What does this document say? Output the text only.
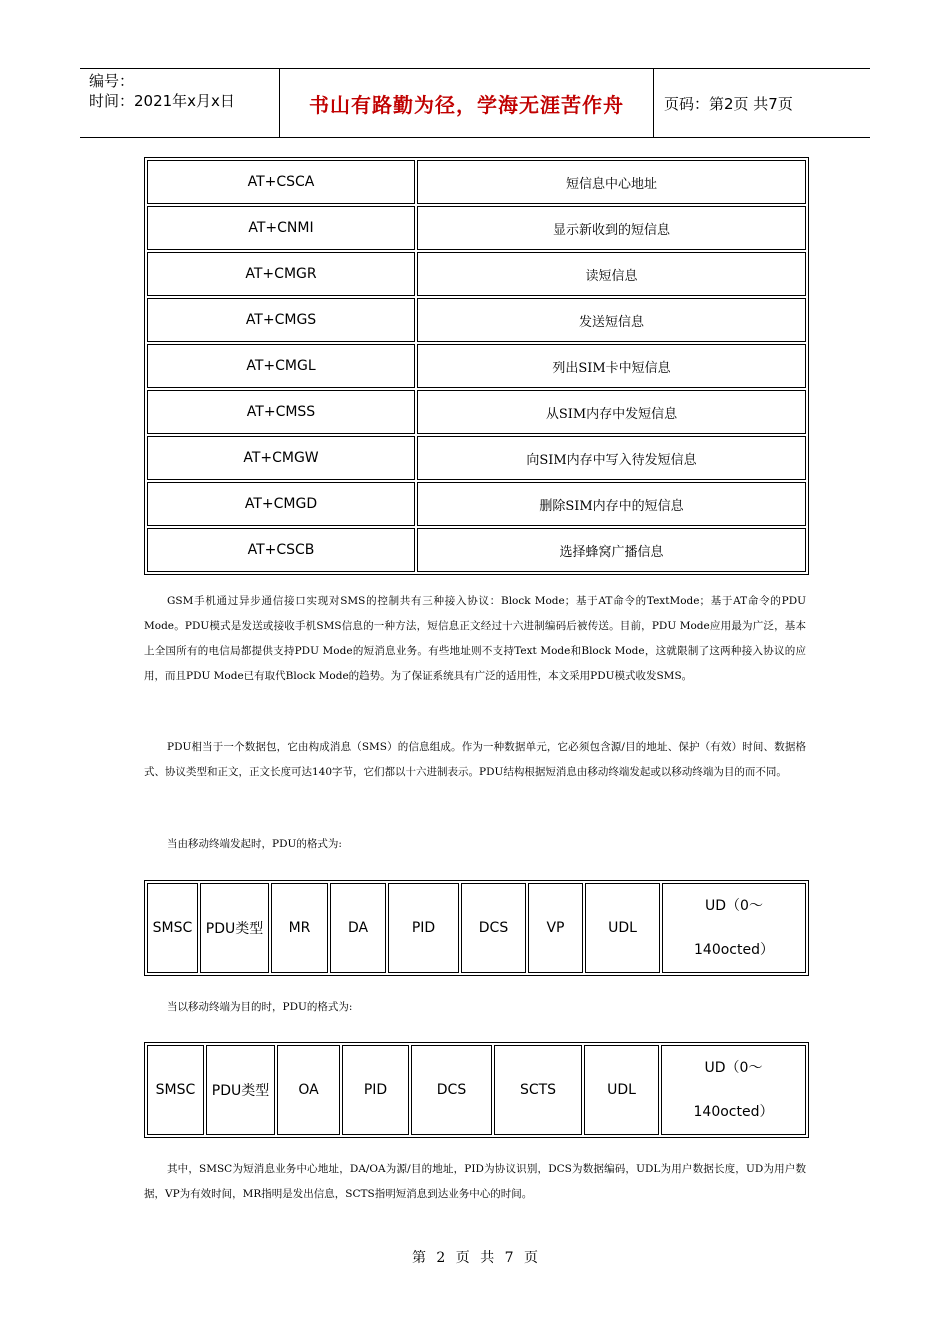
编号：
时间：2021年x月x日	书山有路勤为径，学海无涯苦作舟	页码：第2页 共7页
AT+CSCA	短信息中心地址
AT+CNMI	显示新收到的短信息
AT+CMGR	读短信息
AT+CMGS	发送短信息
AT+CMGL	列出SIM卡中短信息
AT+CMSS	从SIM内存中发短信息
AT+CMGW	向SIM内存中写入待发短信息
AT+CMGD	删除SIM内存中的短信息
AT+CSCB	选择蜂窝广播信息
GSM手机通过异步通信接口实现对SMS的控制共有三种接入协议：Block Mode；基于AT命令的TextMode；基于AT命令的PDU Mode。PDU模式是发送或接收手机SMS信息的一种方法，短信息正文经过十六进制编码后被传送。目前，PDU Mode应用最为广泛，基本上全国所有的电信局都提供支持PDU Mode的短消息业务。有些地址则不支持Text Mode和Block Mode，这就限制了这两种接入协议的应用，而且PDU Mode已有取代Block Mode的趋势。为了保证系统具有广泛的适用性，本文采用PDU模式收发SMS。
PDU相当于一个数据包，它由构成消息（SMS）的信息组成。作为一种数据单元，它必须包含源/目的地址、保护（有效）时间、数据格式、协议类型和正文，正文长度可达140字节，它们都以十六进制表示。PDU结构根据短消息由移动终端发起或以移动终端为目的而不同。
当由移动终端发起时，PDU的格式为:
SMSC	PDU类型	MR	DA	PID	DCS	VP	UDL	
UD（0～
140octed）
当以移动终端为目的时，PDU的格式为:
SMSC	PDU类型	OA	PID	DCS	SCTS	UDL	
UD（0～
140octed）
其中，SMSC为短消息业务中心地址，DA/OA为源/目的地址，PID为协议识别，DCS为数据编码，UDL为用户数据长度，UD为用户数据，VP为有效时间，MR指明是发出信息，SCTS指明短消息到达业务中心的时间。
第 2 页 共 7 页
